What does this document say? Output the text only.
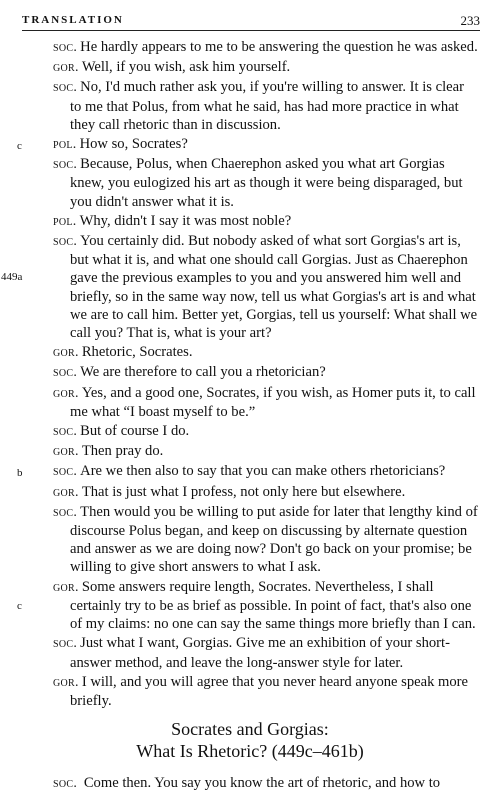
TRANSLATION	233
soc. He hardly appears to me to be answering the question he was asked.
gor. Well, if you wish, ask him yourself.
soc. No, I'd much rather ask you, if you're willing to answer. It is clear to me that Polus, from what he said, has had more practice in what they call rhetoric than in discussion.
c pol. How so, Socrates?
soc. Because, Polus, when Chaerephon asked you what art Gorgias knew, you eulogized his art as though it were being disparaged, but you didn't answer what it is.
pol. Why, didn't I say it was most noble?
449a
soc. You certainly did. But nobody asked of what sort Gorgias's art is, but what it is, and what one should call Gorgias. Just as Chaerephon gave the previous examples to you and you answered him well and briefly, so in the same way now, tell us what Gorgias's art is and what we are to call him. Better yet, Gorgias, tell us yourself: What shall we call you? That is, what is your art?
gor. Rhetoric, Socrates.
soc. We are therefore to call you a rhetorician?
gor. Yes, and a good one, Socrates, if you wish, as Homer puts it, to call me what “I boast myself to be.”
soc. But of course I do.
gor. Then pray do.
b soc. Are we then also to say that you can make others rhetoricians?
gor. That is just what I profess, not only here but elsewhere.
soc. Then would you be willing to put aside for later that lengthy kind of discourse Polus began, and keep on discussing by alternate question and answer as we are doing now? Don't go back on your promise; be willing to give short answers to what I ask.
c
gor. Some answers require length, Socrates. Nevertheless, I shall certainly try to be as brief as possible. In point of fact, that's also one of my claims: no one can say the same things more briefly than I can.
soc. Just what I want, Gorgias. Give me an exhibition of your short-answer method, and leave the long-answer style for later.
gor. I will, and you will agree that you never heard anyone speak more briefly.
Socrates and Gorgias:
What Is Rhetoric? (449c–461b)
soc. Come then. You say you know the art of rhetoric, and how to
